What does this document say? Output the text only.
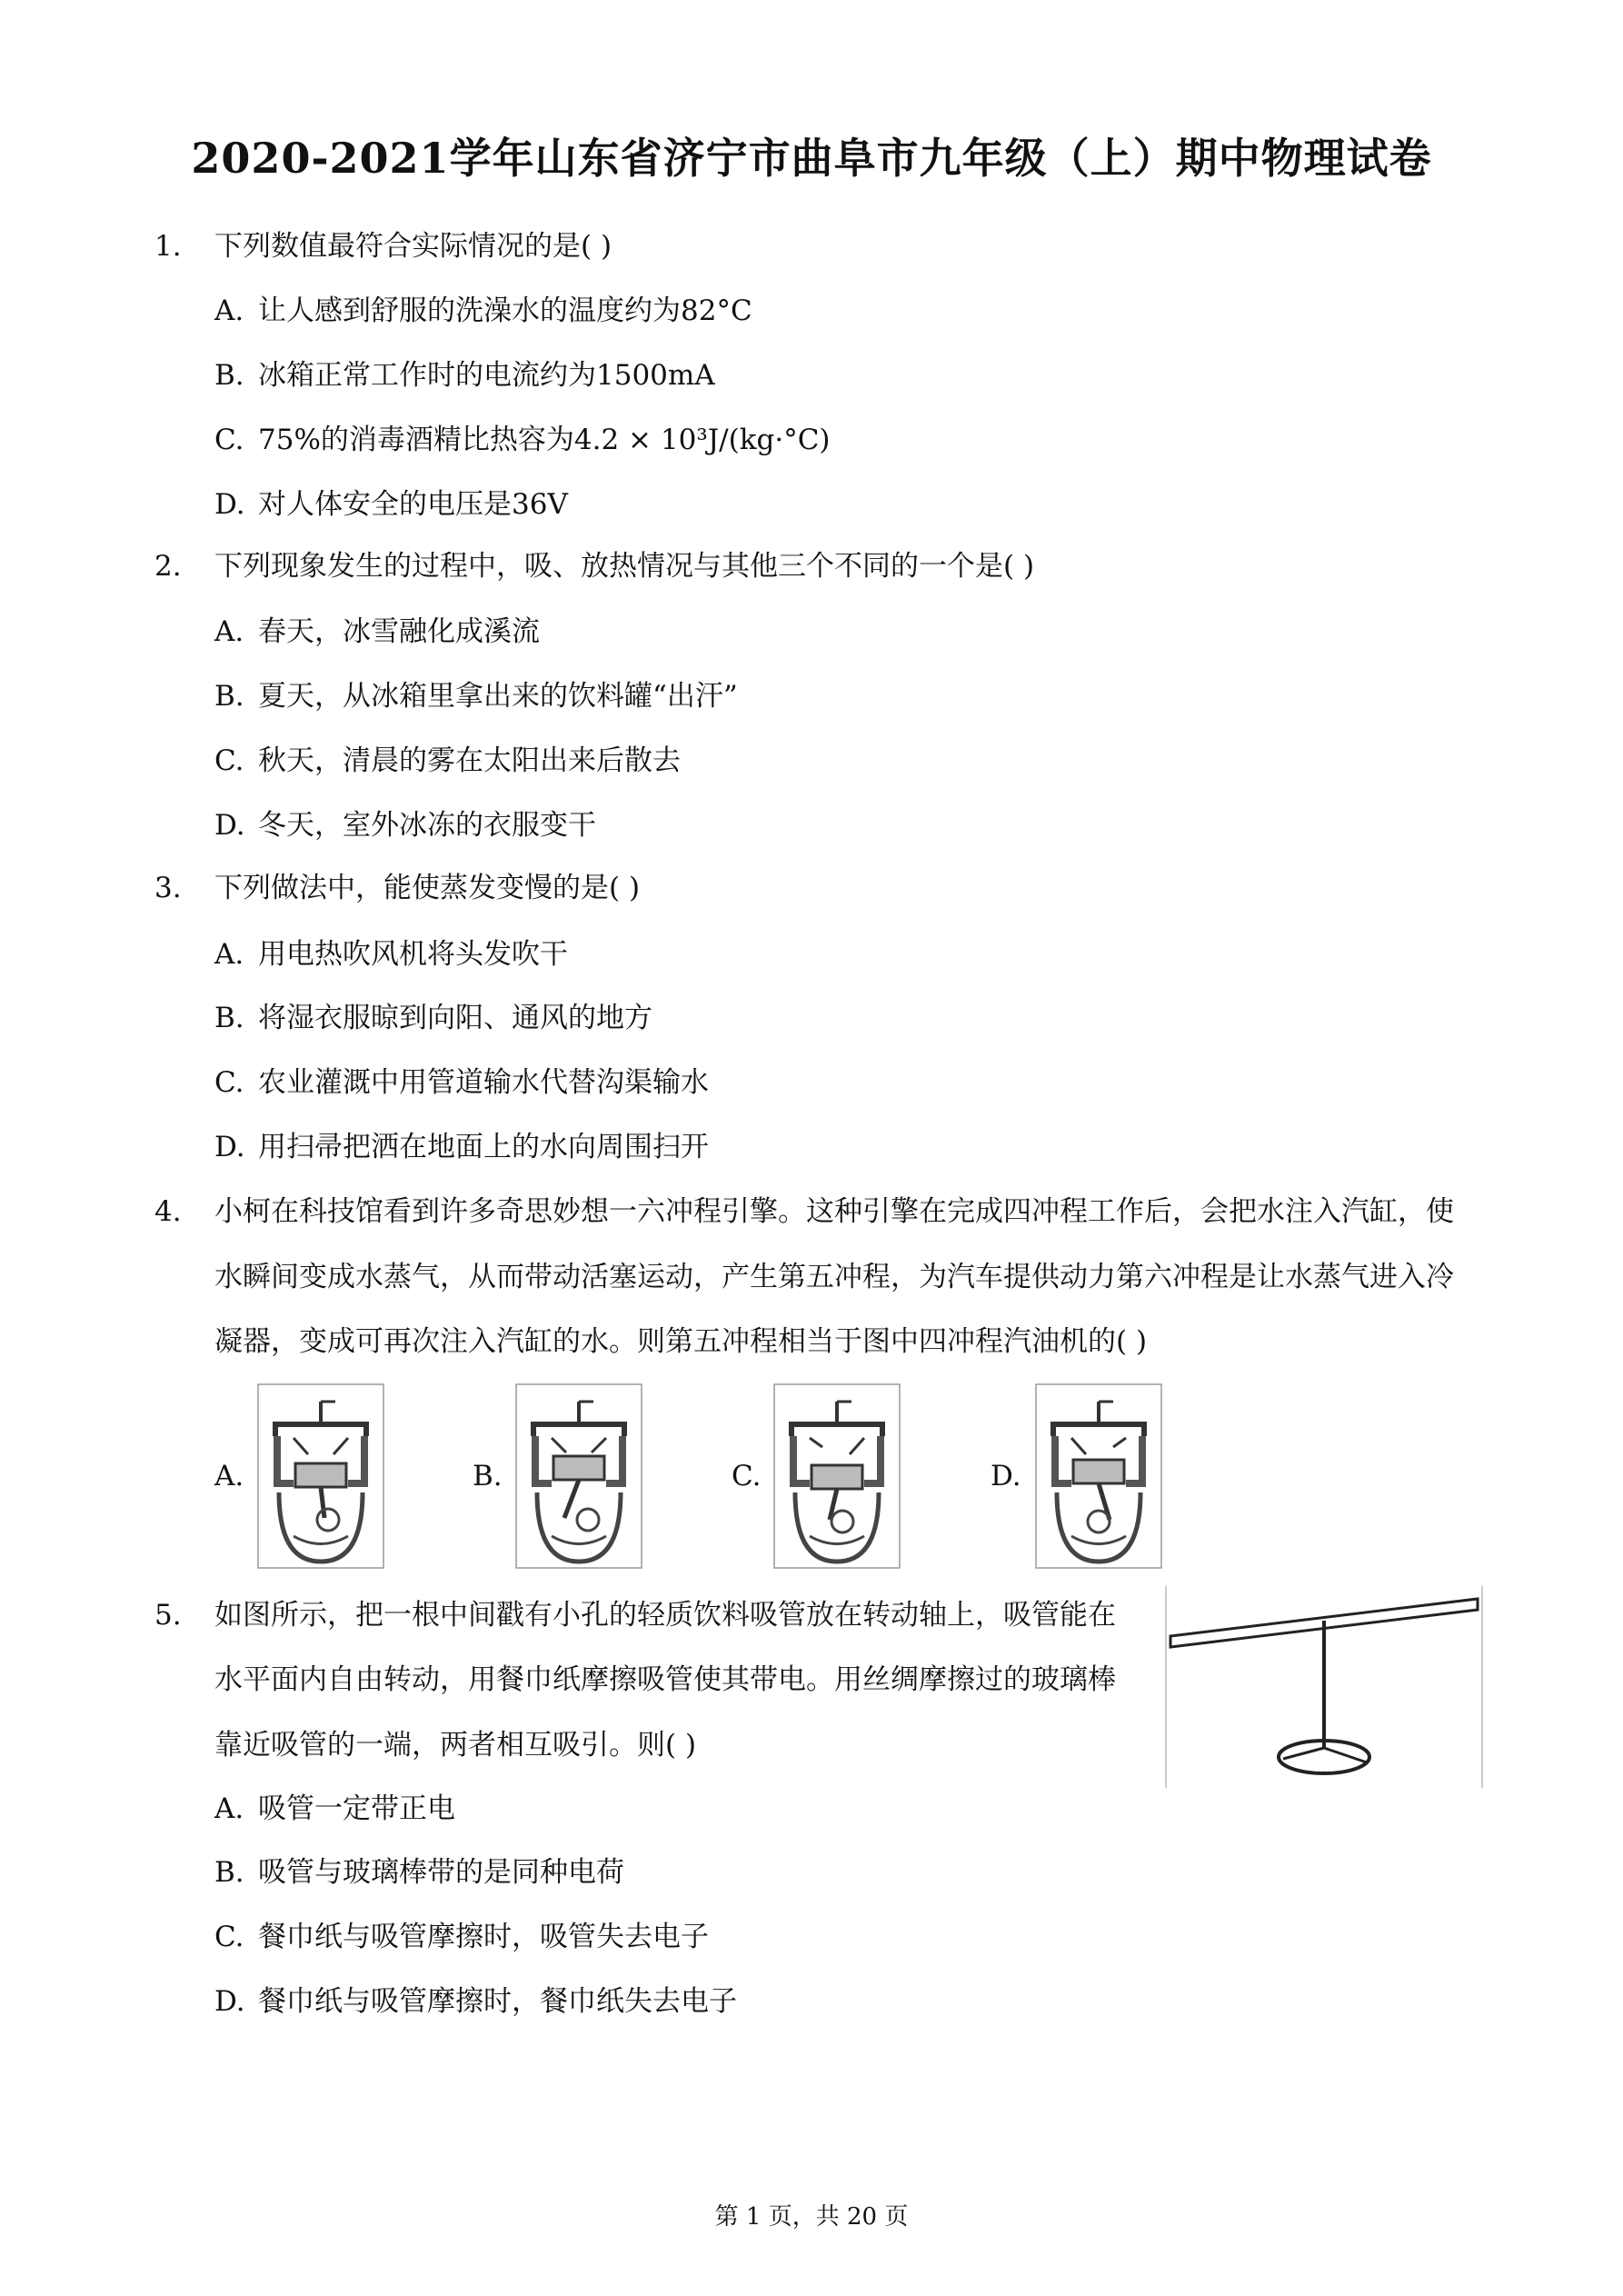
2020-2021学年山东省济宁市曲阜市九年级（上）期中物理试卷
1.	下列数值最符合实际情况的是( )
A. 让人感到舒服的洗澡水的温度约为82°C
B. 冰箱正常工作时的电流约为1500mA
C. 75%的消毒酒精比热容为4.2 × 10³J/(kg·°C)
D. 对人体安全的电压是36V
2.	下列现象发生的过程中，吸、放热情况与其他三个不同的一个是( )
A. 春天，冰雪融化成溪流
B. 夏天，从冰箱里拿出来的饮料罐“出汗”
C. 秋天，清晨的雾在太阳出来后散去
D. 冬天，室外冰冻的衣服变干
3.	下列做法中，能使蒸发变慢的是( )
A. 用电热吹风机将头发吹干
B. 将湿衣服晾到向阳、通风的地方
C. 农业灌溉中用管道输水代替沟渠输水
D. 用扫帚把洒在地面上的水向周围扫开
4.	小柯在科技馆看到许多奇思妙想一六冲程引擎。这种引擎在完成四冲程工作后，会把水注入汽缸，使
水瞬间变成水蒸气，从而带动活塞运动，产生第五冲程，为汽车提供动力第六冲程是让水蒸气进入冷
凝器，变成可再次注入汽缸的水。则第五冲程相当于图中四冲程汽油机的( )
A.	B.	C.	D.
5.	如图所示，把一根中间戳有小孔的轻质饮料吸管放在转动轴上，吸管能在
水平面内自由转动，用餐巾纸摩擦吸管使其带电。用丝绸摩擦过的玻璃棒
靠近吸管的一端，两者相互吸引。则( )
A. 吸管一定带正电
B. 吸管与玻璃棒带的是同种电荷
C. 餐巾纸与吸管摩擦时，吸管失去电子
D. 餐巾纸与吸管摩擦时，餐巾纸失去电子
第 1 页，共 20 页
